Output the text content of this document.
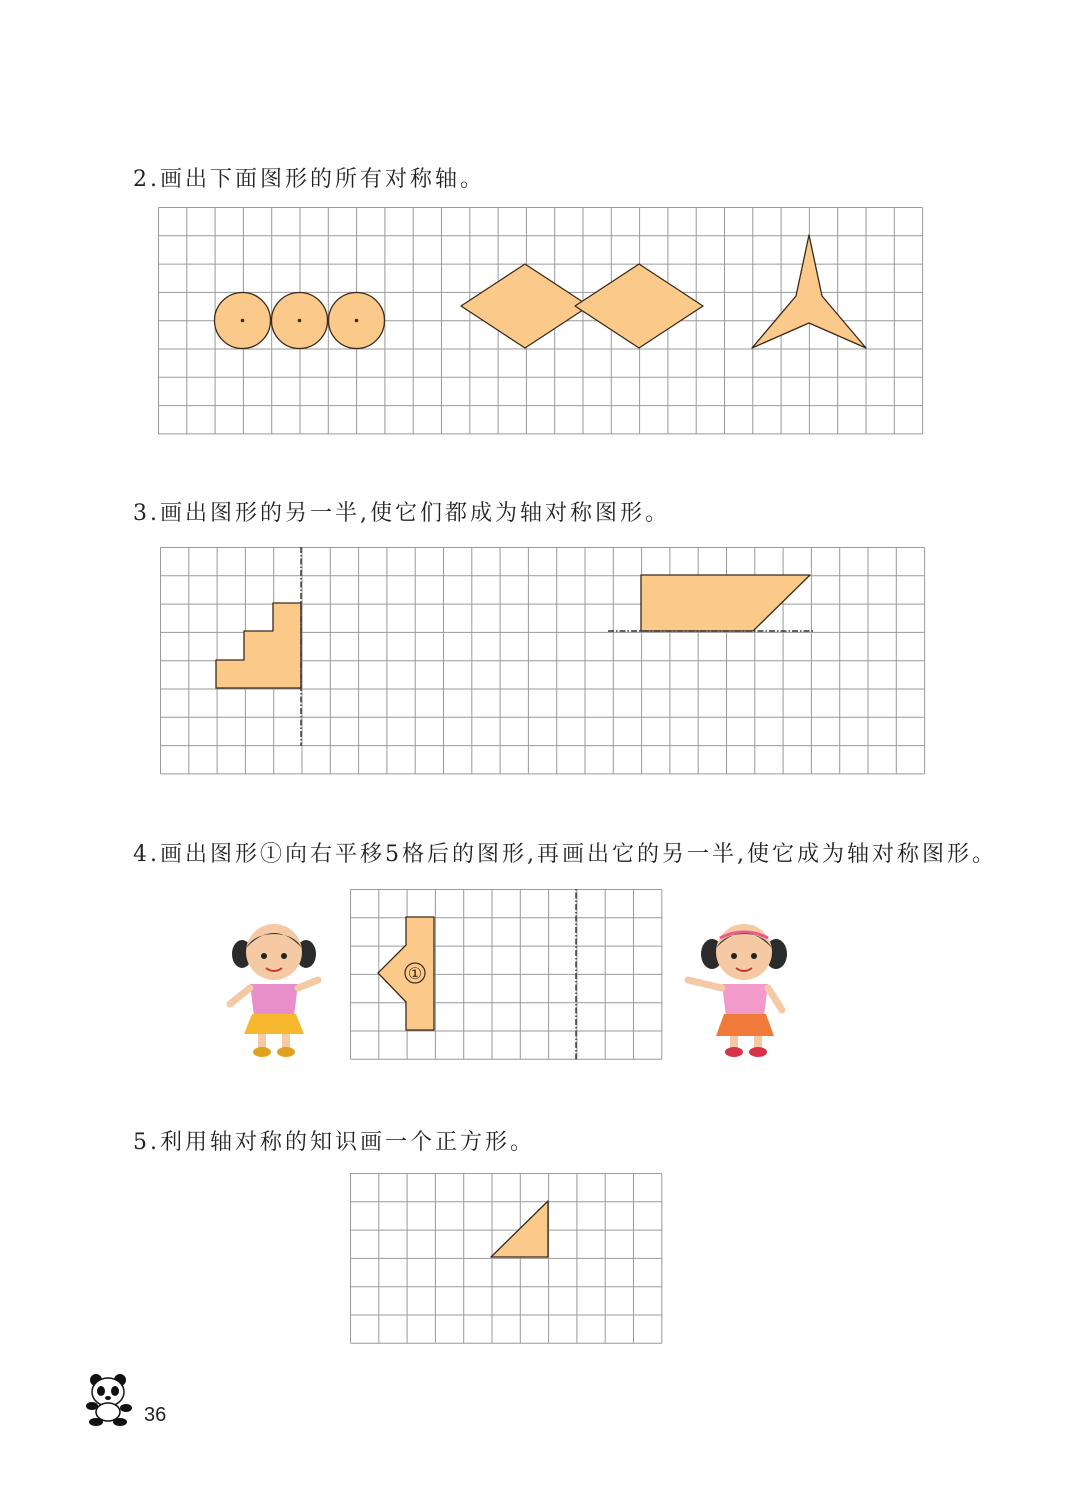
2.画出下面图形的所有对称轴。

3.画出图形的另一半,使它们都成为轴对称图形。

4.画出图形①向右平移5格后的图形,再画出它的另一半,使它成为轴对称图形。

①

5.利用轴对称的知识画一个正方形。

36
